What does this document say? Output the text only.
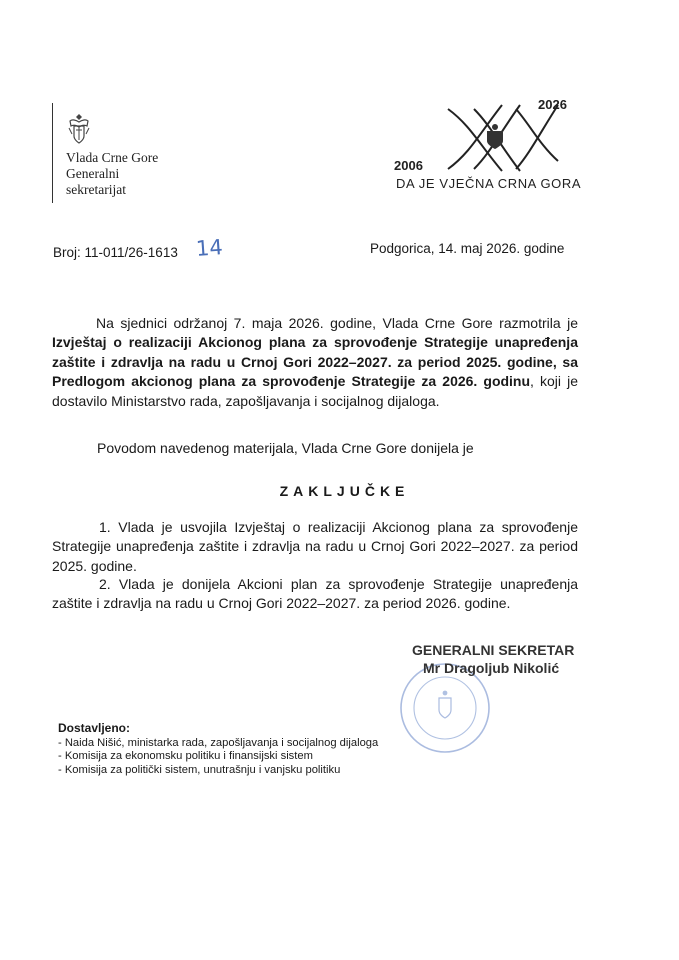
Vlada Crne Gore
Generalni
sekretarijat
2026
2006
DA JE VJEČNA CRNA GORA
Broj: 11-011/26-1613 14	Podgorica, 14. maj 2026. godine
Na sjednici održanoj 7. maja 2026. godine, Vlada Crne Gore razmotrila je Izvještaj o realizaciji Akcionog plana za sprovođenje Strategije unapređenja zaštite i zdravlja na radu u Crnoj Gori 2022–2027. za period 2025. godine, sa Predlogom akcionog plana za sprovođenje Strategije za 2026. godinu, koji je dostavilo Ministarstvo rada, zapošljavanja i socijalnog dijaloga.
Povodom navedenog materijala, Vlada Crne Gore donijela je
ZAKLJUČKE
1. Vlada je usvojila Izvještaj o realizaciji Akcionog plana za sprovođenje Strategije unapređenja zaštite i zdravlja na radu u Crnoj Gori 2022–2027. za period 2025. godine.
2. Vlada je donijela Akcioni plan za sprovođenje Strategije unapređenja zaštite i zdravlja na radu u Crnoj Gori 2022–2027. za period 2026. godine.
GENERALNI SEKRETAR
Mr Dragoljub Nikolić
Dostavljeno:
- Naida Nišić, ministarka rada, zapošljavanja i socijalnog dijaloga
- Komisija za ekonomsku politiku i finansijski sistem
- Komisija za politički sistem, unutrašnju i vanjsku politiku
